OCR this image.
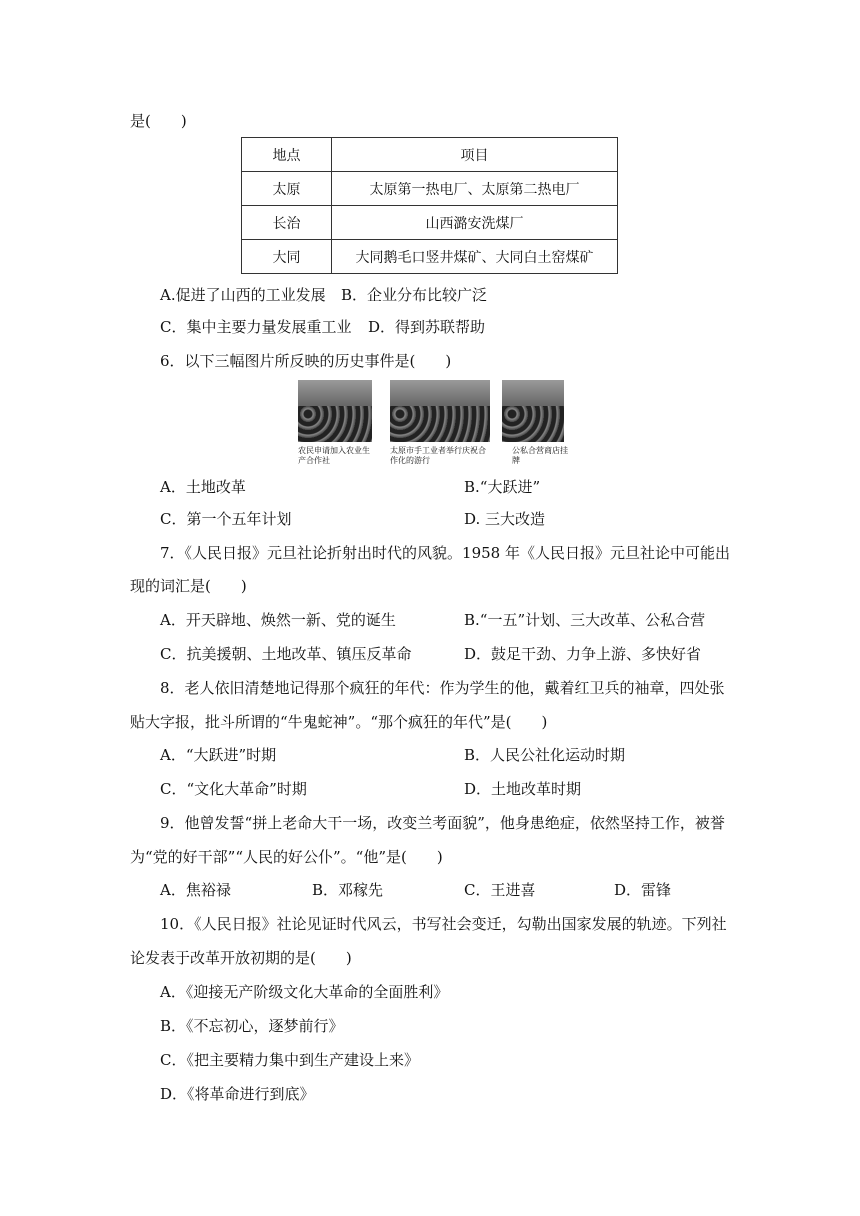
是(　　)
地点	项目
太原	太原第一热电厂、太原第二热电厂
长治	山西潞安洗煤厂
大同	大同鹅毛口竖井煤矿、大同白土窑煤矿
A.促进了山西的工业发展 B．企业分布比较广泛
C．集中主要力量发展重工业 D．得到苏联帮助
6．以下三幅图片所反映的历史事件是(　　)
农民申请加入农业生产合作社
太原市手工业者举行庆祝合作化的游行
公私合营商店挂牌
A．土地改革	B.“大跃进”
C．第一个五年计划	D. 三大改造
7．《人民日报》元旦社论折射出时代的风貌。1958 年《人民日报》元旦社论中可能出
现的词汇是(　　)
A．开天辟地、焕然一新、党的诞生	B.“一五”计划、三大改革、公私合营
C．抗美援朝、土地改革、镇压反革命	D．鼓足干劲、力争上游、多快好省
8．老人依旧清楚地记得那个疯狂的年代：作为学生的他，戴着红卫兵的袖章，四处张
贴大字报，批斗所谓的“牛鬼蛇神”。“那个疯狂的年代”是(　　)
A．“大跃进”时期	B．人民公社化运动时期
C．“文化大革命”时期	D．土地改革时期
9．他曾发誓“拼上老命大干一场，改变兰考面貌”，他身患绝症，依然坚持工作，被誉
为“党的好干部”“人民的好公仆”。“他”是(　　)
A．焦裕禄	B．邓稼先	C．王进喜	D．雷锋
10．《人民日报》社论见证时代风云，书写社会变迁，勾勒出国家发展的轨迹。下列社
论发表于改革开放初期的是(　　)
A．《迎接无产阶级文化大革命的全面胜利》
B．《不忘初心，逐梦前行》
C．《把主要精力集中到生产建设上来》
D．《将革命进行到底》
